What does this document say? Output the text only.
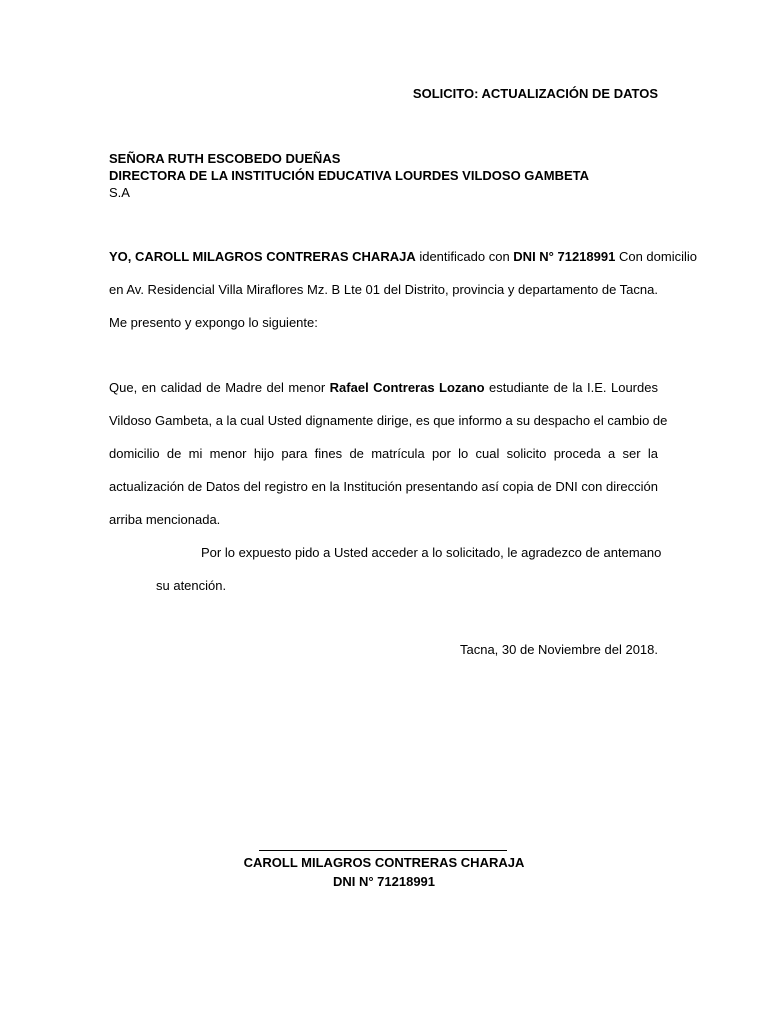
SOLICITO: ACTUALIZACIÓN DE DATOS
SEÑORA RUTH ESCOBEDO DUEÑAS
DIRECTORA DE LA INSTITUCIÓN EDUCATIVA LOURDES VILDOSO GAMBETA
S.A
YO, CAROLL MILAGROS CONTRERAS CHARAJA identificado con DNI N° 71218991 Con domicilio
en Av. Residencial Villa Miraflores Mz. B Lte 01 del Distrito, provincia y departamento de Tacna.
Me presento y expongo lo siguiente:
Que, en calidad de Madre del menor Rafael Contreras Lozano estudiante de la I.E. Lourdes
Vildoso Gambeta, a la cual Usted dignamente dirige, es que informo a su despacho el cambio de
domicilio de mi menor hijo para fines de matrícula por lo cual solicito proceda a ser la
actualización de Datos del registro en la Institución presentando así copia de DNI con dirección
arriba mencionada.
Por lo expuesto pido a Usted acceder a lo solicitado, le agradezco de antemano
su atención.
Tacna, 30 de Noviembre del 2018.
CAROLL MILAGROS CONTRERAS CHARAJA
DNI N° 71218991
